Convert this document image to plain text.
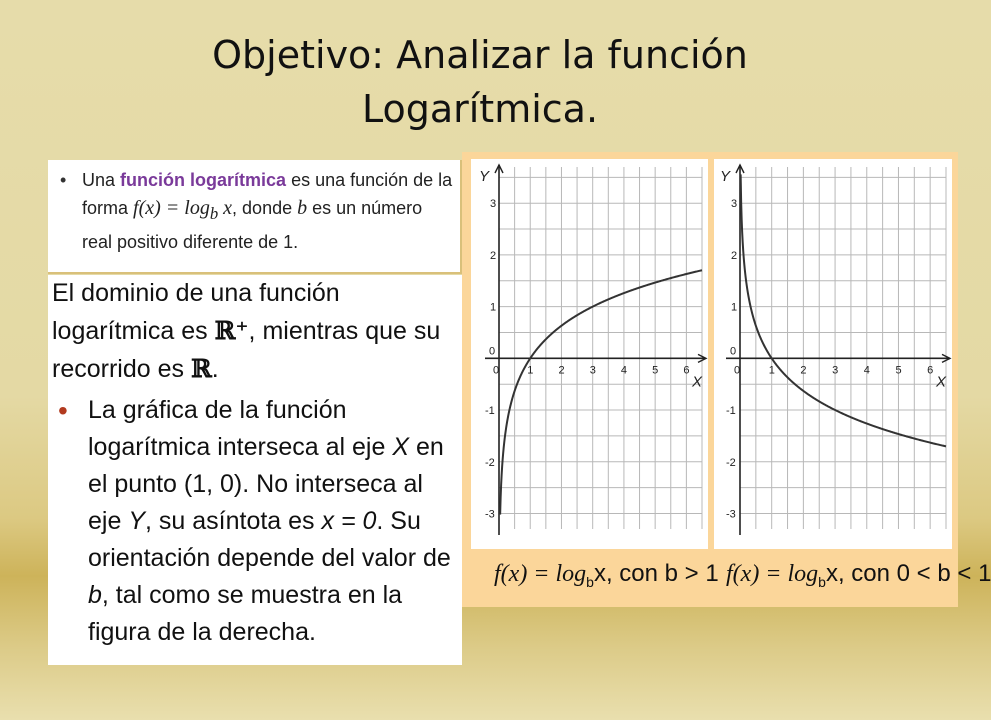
Objetivo: Analizar la función
Logarítmica.
• Una función logarítmica es una función de la forma $f(x) = \log_b x$, donde b es un número real positivo diferente de 1.

El dominio de una función logarítmica es ℝ⁺, mientras que su recorrido es ℝ.

• La gráfica de la función logarítmica interseca al eje X en el punto (1, 0). No interseca al eje Y, su asíntota es x = 0. Su orientación depende del valor de b, tal como se muestra en la figura de la derecha.
Y
X
0	1 2 3 4 5 6
3
2
1
0
-1
-2
-3
Y
X
0	1 2 3 4 5 6
3
2
1
0
-1
-2
-3
$f(x) = \log_bx$, con b > 1 $f(x) = \log_bx$, con 0 < b < 1
